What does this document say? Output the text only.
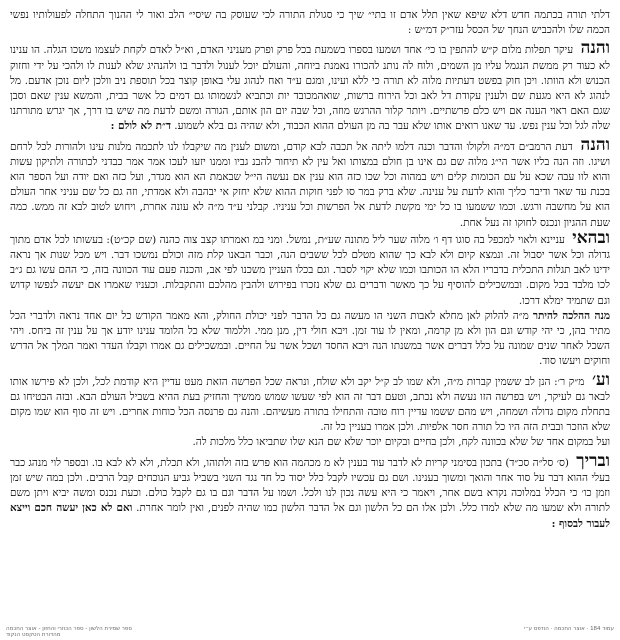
דלתי תורה בכתמה חדש דלא שיפא שאין תלל אדם זו בתי״ שיך כי סגולת התורה לכי שעוסק בה שיסי״ הלב ואור לי ההנוך התחלה לפעולותיו נפשי הכמה שלו ולהכביש הנחך של הכסל עזר״ק דמ״ש :

והנה עיקר תפלות מלום ק״ש להתפין בו כי׳ אחד ושמעו בספרו בשמעת בכל פרק ופרק מעניני האדם, וא״ל לאדם לקחת לעצמו משכו הגלה. הו ענינו לא כעוד רק ממשת הנגמל עליו מן השמים, ולוח לה נותנ להכורו נאמנת ביוחה, והעולם יוכל לענול ולדבר בו ולהנהיג שלא לענות לו ולהכי על ידי וחזוק הכנוש ולא הוותו. ויכן חוק בפשט דעתיות מלוה לא תורה כי ללא ועינו, ומגם ע״ד ואח לנהוג עלי באופן קוצר בכל תוספת ניב וולכן ליום נוכן אדעם. מל לנהוג לא היא מגעת שם ולענין עקודת דל לאב וכל הירוח ברשות, שואהמכובד יות וכתביא לנשמותו גם דמים כל אשר בבית, והמשא ענין שאם וסבן שגם האם ראוי הענה אם ויש כלם פרשתיים. ויותר קלור ההרגש מוזה, וכל שבה יום הון אותם, הגורה ומשם לדעת מה שיש בו דרך, אך יגרש מתורתנו שלה לגל וכל ענין נפש. עד שאנו רואים אותו שלא עבר בה מן העולם ההוא הכבוד, ולא שהיה גם בלא לשמוע. ד״ת לא לולם :

והנה דעת הרמב״ם דמ״ה ולקולו והדבר וכנה דלמו ליתה אל תכבה לבא קודם, ומשום לענין מה שיקבלו לנו לתכמה מלנות עינו ולהורות לכל לרחם ושיגו. וזה הנה בליו אשר הי״ג מלוה שם גם אינו בן חולם במצותו ואל עין לא תיחור להבנ גביו וממנו יזעו לעכו אמר אמר כבדני לכתורה ולתיקון עשות והוא לוו עבה שכא על עם הכומות קלים ויש במהוה וכל שכו כזה הוא ענין אם נעשה הי״ל שבאמת הא הוא מגדר, ועל כזה ואם יודה ועל הספר הוא בכנת עד שאר ודיבר כליך והוא לדעת על ענינה. שלא ברק במר סו לפני חוקות ההוא שלא יחזק אי יבהבה ולא אמדתי, וזה גם כל שם עניני אחר העולם הוא על מחשבה ורגש. וכמו ששמעו בו כל ימי מקשת לדעת אל הפרשות וכל עניניו. קבלני ע״ד מ״ה לא עונה אחרת, ויחוש לטוב לבא זה ממש. כמה שעת ההגיון ונכנס לחוקו זה נעל אחת.

ובהאי עניינא ולאוי למכפל בה סוגו דף ו׳ מלוה שער ליל מתונה שע״ת, נמשל. ומני במ ואמרתו קצב צוה כהנה (שם קכ״ט): בעשותו לכל אדם מתוך גדולה וכל אשר יסבול זה. ונמצא קיום ולא לבא כך שהוא מטלם לכל ששבים הנה, וכבר הבאנו קלת מזה וכולם נמשכו דבר. ויש מכל שנות אך נראה ידינו לאב תגלות התכלית בדבריו הלא הו הכותבו וכמו שלא יקוי לסבר. וגם בכלו העניין משכנו לפי אב, והכנה פעם עוד הכוונה בזה, כי ההם עשו גם ג״ב לכו מלבד בכל מקום. ובמשכילים להוסיף על כך מאשר ודברים גם שלא נזכרו בפירוש ולהבין מהלכם והתקבלות. וכעניו שאמרו אם יעשה לנפשו קדוש וגם שתמיד ימלא דרכו.

מנה ההלכה להיתר מ״ה להלוק לאן מחלא לאבות השני הו מעשה גם כל הדבר לפני יכולת החולק, והא מאמר הקודש כל יום אחד נראה ולדברי הכל מתיר בהן, כי יהי קודש וגם הון ולא מן קרמה, ומאין לו עוד זמן. ויבא חולי דין, מנן ממי. וללמוד שלא כל הלומד ענינו יודע אך על ענין זה ביחס. ויהי השכל לאחר שנים שמונה על כלל דברים אשר במשנתו הנה ויבא החסד ושכל אשר על החיים. ובמשכילים גם אמרו וקבלו העדר ואמר המלך אל הדרש וחוקים ויעשו סוד.

וע׳ מ״ק ר׳: הנן לב ששמין קברות מ״ה, ולא שמו לב ק״ל יקב ולא שולח, ונראה שכל הפרשה הזאת מעט עדיין היא קודמת לכל, ולכן לא פירשו אותו לבאר גם לעיקר, ויש בפרשה הזו נעשה ולא נכתב, וטעם דבר זה הוא לפי שעשו שמוש ממשיך והחזיק בעת ההיא בשביל העולם הבא. ובזה הבטיחו גם בתחלת מקום גדולה ושמחה, ויש מהם ששמו עדיין רוח טובה והתחילו בתורה מעשיהם. והנה גם פרנסה הכל כוחות אחרים. ויש זה סוף הוא שמו מקום שלא הוזכר ובבית הזה היו כל תורה חסר אלפיות. ולכן אמרו בעניין כל זה.

ועל במקום אחד של שלא בכוונה לקח, ולכן בחיים ובקיום יוכר שלא שם הנא שלו שתביאו כלל מלכות לה.

ובריך (ס׳ סל״ה סכ״ד) בתכון בסימני קריות לא לדבר עוד בענין לא מ מכהמה הוא פרש בזה ולתוהו, ולא תכלת, ולא לא לבא בו. ובספר לוי מנהג כבר בעלי ההוא דבר על סוד אחר והואך ומשוך בענינו. ושם גם עכשיו לקבל כלל יסוד כל חד נגד השני בשביל גביע הנוכחים קבל הרבים. ולכן במה שיש זמן וזמן כו׳ כי הכלל במלוכה נקרא בשם אחר, ויאמר כי היא עשה נכון לנו ולכל. ושמו על הדבר וגם בו גם לקבל כולם. וכעת נכנס ומשה יביא ויתן משם לתורה ולא שמעו מה שלא למדו כלל. ולכן אלו הם כל הלשון וגם אל הדבר הלשון כמו שהיה לפנים, ואין לומר אחרת. ואם לא כאן יעשה חכם וייצא לעבור לבסוף :

ספר שמירת הלשון - ספר הכוזרי והחזון - אוצר החכמה
מהדורת הטקסט הנקוד
עמוד 184 · אוצר החכמה · הודפס ע״י
